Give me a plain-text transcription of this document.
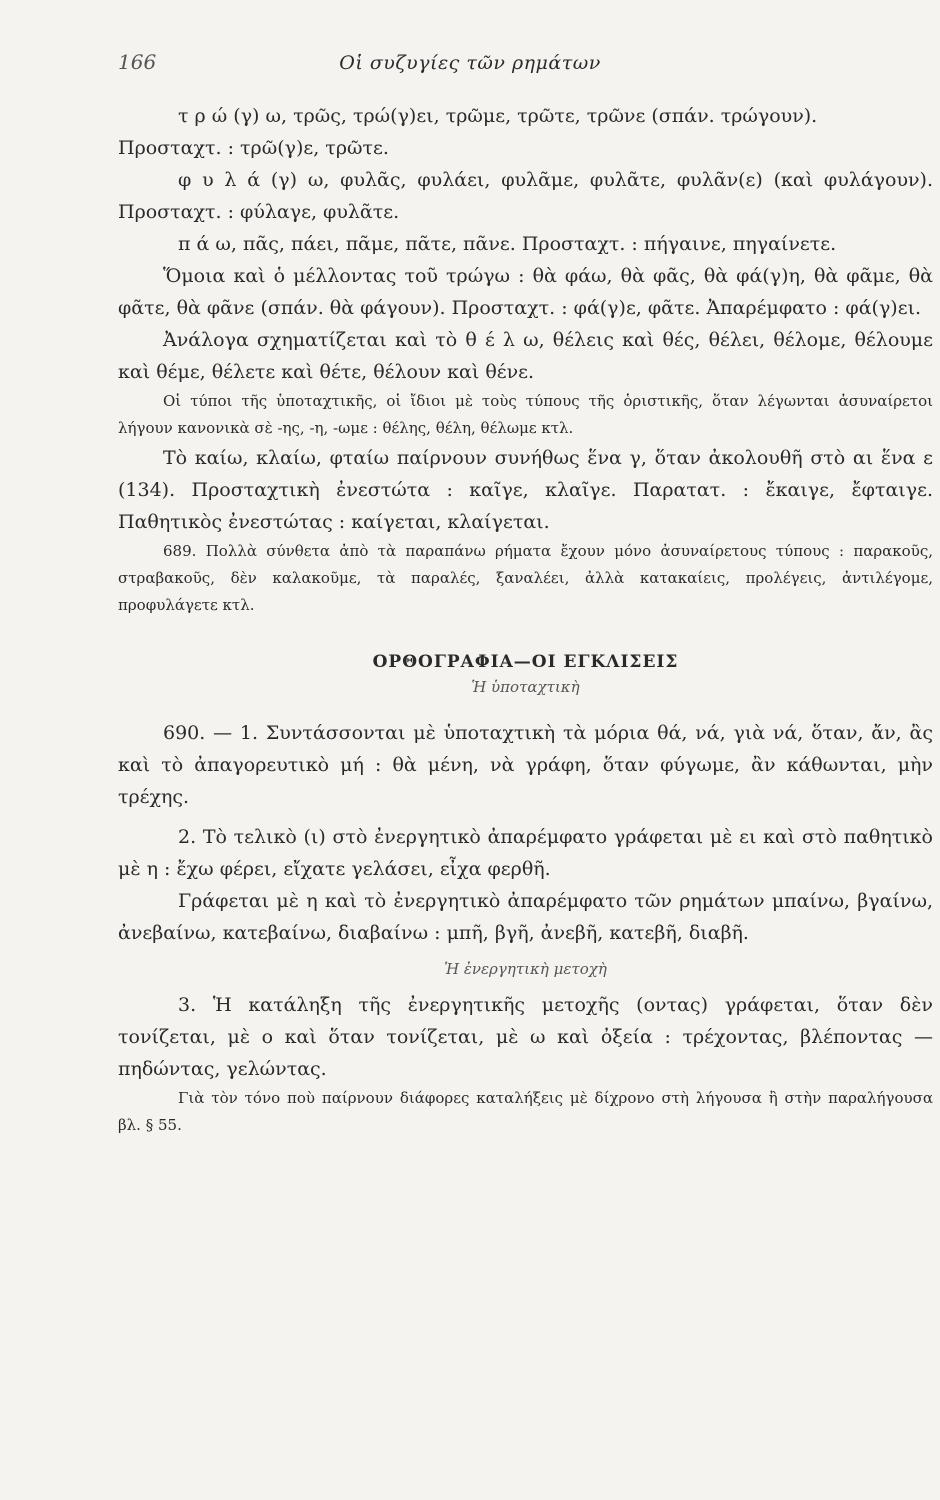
166	Οἱ συζυγίες τῶν ρημάτων

τ ρ ώ (γ) ω, τρῶς, τρώ(γ)ει, τρῶμε, τρῶτε, τρῶνε (σπάν. τρώγουν).

Προσταχτ. : τρῶ(γ)ε, τρῶτε.

φ υ λ ά (γ) ω, φυλᾶς, φυλάει, φυλᾶμε, φυλᾶτε, φυλᾶν(ε) (καὶ φυλάγουν). Προσταχτ. : φύλαγε, φυλᾶτε.

π ά ω, πᾶς, πάει, πᾶμε, πᾶτε, πᾶνε. Προσταχτ. : πήγαινε, πηγαίνετε.

Ὅμοια καὶ ὁ μέλλοντας τοῦ τρώγω : θὰ φάω, θὰ φᾶς, θὰ φά(γ)η, θὰ φᾶμε, θὰ φᾶτε, θὰ φᾶνε (σπάν. θὰ φάγουν). Προσταχτ. : φά(γ)ε, φᾶτε. Ἀπαρέμφατο : φά(γ)ει.

Ἀνάλογα σχηματίζεται καὶ τὸ θ έ λ ω, θέλεις καὶ θές, θέλει, θέλομε, θέλουμε καὶ θέμε, θέλετε καὶ θέτε, θέλουν καὶ θένε.

Οἱ τύποι τῆς ὑποταχτικῆς, οἱ ἴδιοι μὲ τοὺς τύπους τῆς ὁριστικῆς, ὅταν λέγωνται ἀσυναίρετοι λήγουν κανονικὰ σὲ -ης, -η, -ωμε : θέλης, θέλη, θέλωμε κτλ.

Τὸ καίω, κλαίω, φταίω παίρνουν συνήθως ἕνα γ, ὅταν ἀκολουθῆ στὸ αι ἕνα ε (134). Προσταχτικὴ ἐνεστώτα : καῖγε, κλαῖγε. Παρατατ. : ἔκαιγε, ἔφταιγε. Παθητικὸς ἐνεστώτας : καίγεται, κλαίγεται.

689. Πολλὰ σύνθετα ἀπὸ τὰ παραπάνω ρήματα ἔχουν μόνο ἀσυναίρετους τύπους : παρακοῦς, στραβακοῦς, δὲν καλακοῦμε, τὰ παραλές, ξαναλέει, ἀλλὰ κατακαίεις, προλέγεις, ἀντιλέγομε, προφυλάγετε κτλ.

ΟΡΘΟΓΡΑΦΙΑ—ΟΙ ΕΓΚΛΙΣΕΙΣ
Ἡ ὑποταχτικὴ

690. — 1. Συντάσσονται μὲ ὑποταχτικὴ τὰ μόρια θά, νά, γιὰ νά, ὅταν, ἄν, ἂς καὶ τὸ ἀπαγορευτικὸ μή : θὰ μένη, νὰ γράφη, ὅταν φύγωμε, ἂν κάθωνται, μὴν τρέχης.

2. Τὸ τελικὸ (ι) στὸ ἐνεργητικὸ ἀπαρέμφατο γράφεται μὲ ει καὶ στὸ παθητικὸ μὲ η : ἔχω φέρει, εἴχατε γελάσει, εἶχα φερθῆ.

Γράφεται μὲ η καὶ τὸ ἐνεργητικὸ ἀπαρέμφατο τῶν ρημάτων μπαίνω, βγαίνω, ἀνεβαίνω, κατεβαίνω, διαβαίνω : μπῆ, βγῆ, ἀνεβῆ, κατεβῆ, διαβῆ.

Ἡ ἐνεργητικὴ μετοχὴ

3. Ἡ κατάληξη τῆς ἐνεργητικῆς μετοχῆς (οντας) γράφεται, ὅταν δὲν τονίζεται, μὲ ο καὶ ὅταν τονίζεται, μὲ ω καὶ ὀξεία : τρέχοντας, βλέποντας — πηδώντας, γελώντας.

Γιὰ τὸν τόνο ποὺ παίρνουν διάφορες καταλήξεις μὲ δίχρονο στὴ λήγουσα ἢ στὴν παραλήγουσα βλ. § 55.
